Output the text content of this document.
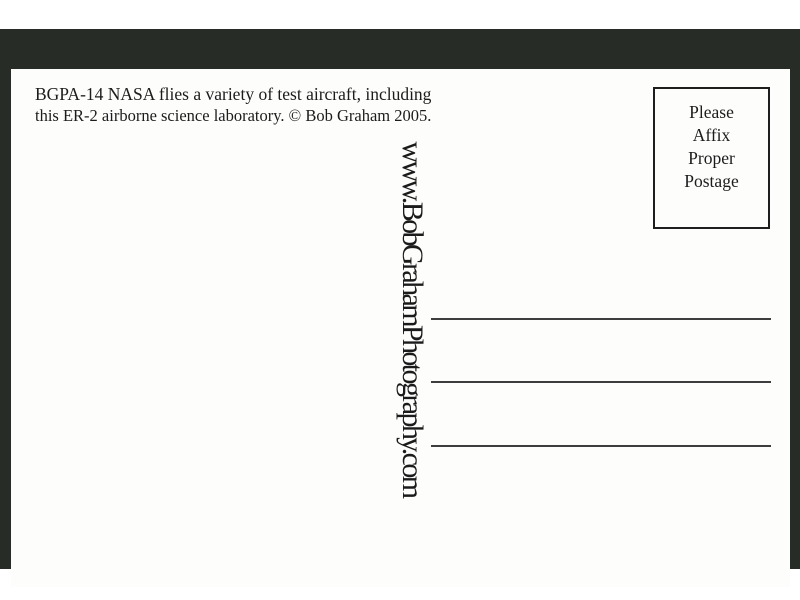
BGPA-14 NASA flies a variety of test aircraft, including
this ER-2 airborne science laboratory. © Bob Graham 2005.	Please
Affix
Proper
Postage
www.BobGrahamPhotography.com
